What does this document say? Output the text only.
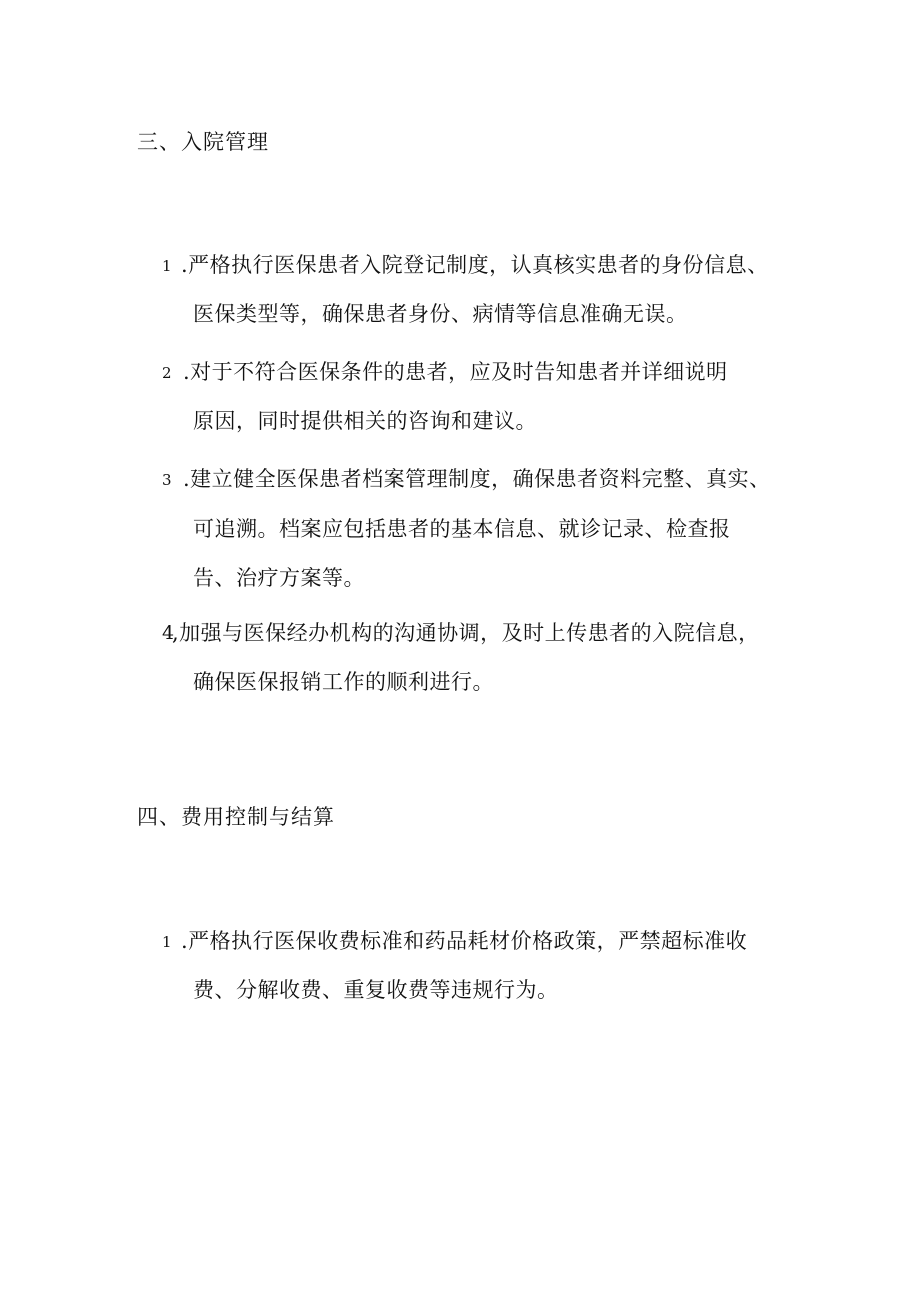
三、入院管理
1 .严格执行医保患者入院登记制度，认真核实患者的身份信息、
医保类型等，确保患者身份、病情等信息准确无误。
2 .对于不符合医保条件的患者，应及时告知患者并详细说明
原因，同时提供相关的咨询和建议。
3 .建立健全医保患者档案管理制度，确保患者资料完整、真实、
可追溯。档案应包括患者的基本信息、就诊记录、检查报
告、治疗方案等。
4
,加强与医保经办机构的沟通协调，及时上传患者的入院信息，
确保医保报销工作的顺利进行。
四、费用控制与结算
1 .严格执行医保收费标准和药品耗材价格政策，严禁超标准收
费、分解收费、重复收费等违规行为。
